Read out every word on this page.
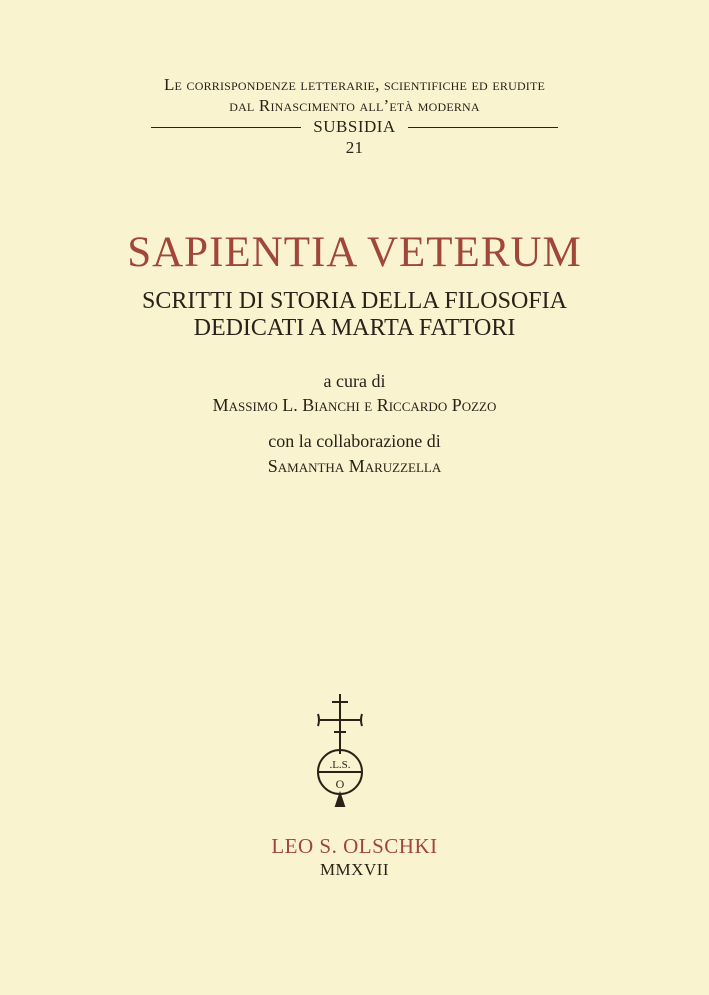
Le corrispondenze letterarie, scientifiche ed erudite
dal Rinascimento all’età moderna
SUBSIDIA
21
SAPIENTIA VETERUM
SCRITTI DI STORIA DELLA FILOSOFIA
DEDICATI A MARTA FATTORI
a cura di
Massimo L. Bianchi e Riccardo Pozzo
con la collaborazione di
Samantha Maruzzella
.L.S.
O
LEO S. OLSCHKI
MMXVII
